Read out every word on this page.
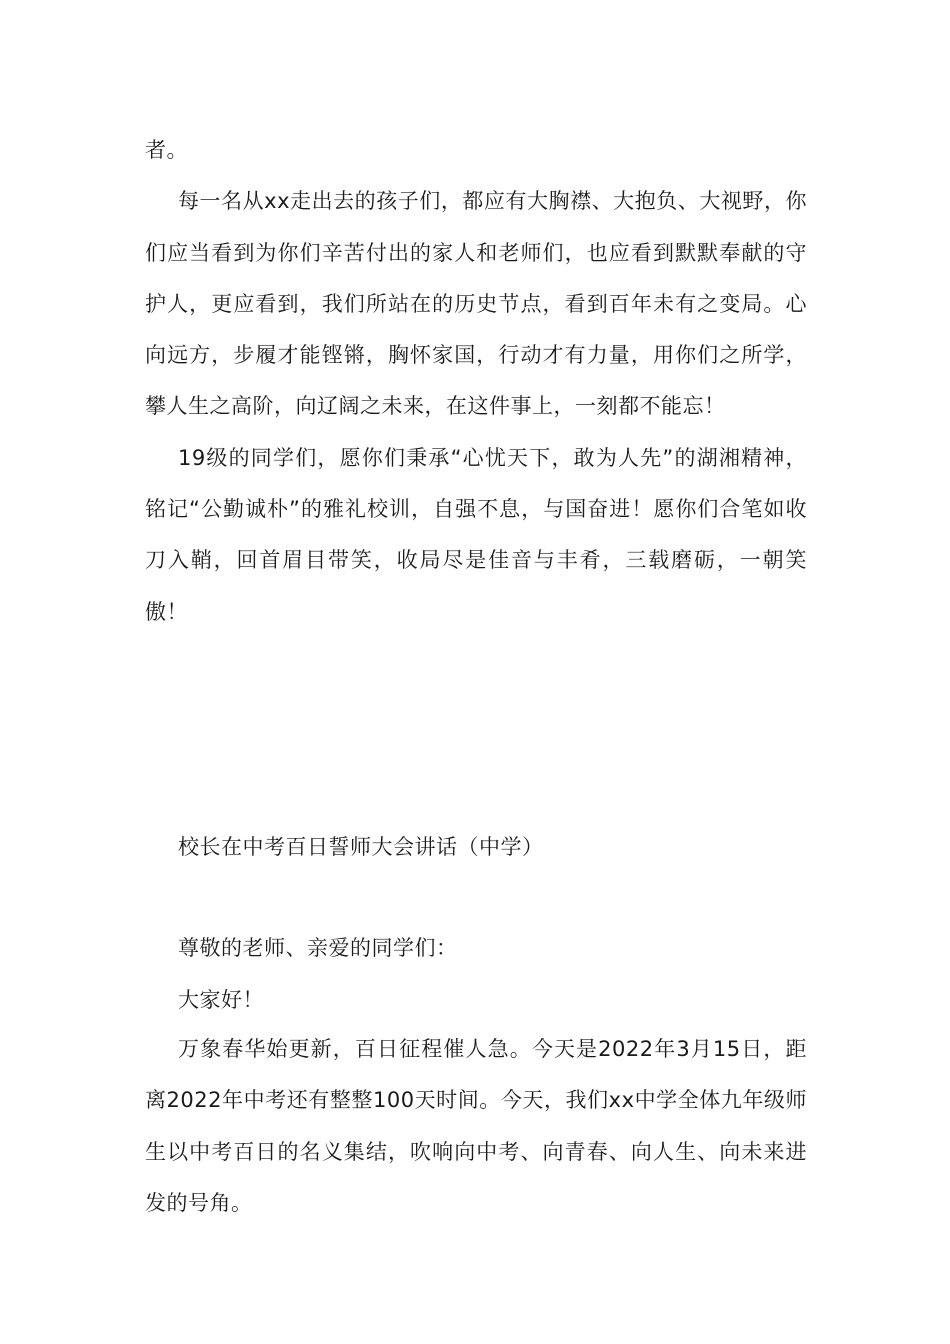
者。

每一名从xx走出去的孩子们，都应有大胸襟、大抱负、大视野，你们应当看到为你们辛苦付出的家人和老师们，也应看到默默奉献的守护人，更应看到，我们所站在的历史节点，看到百年未有之变局。心向远方，步履才能铿锵，胸怀家国，行动才有力量，用你们之所学，攀人生之高阶，向辽阔之未来，在这件事上，一刻都不能忘！

19级的同学们，愿你们秉承“心忧天下，敢为人先”的湖湘精神，铭记“公勤诚朴”的雅礼校训，自强不息，与国奋进！愿你们合笔如收刀入鞘，回首眉目带笑，收局尽是佳音与丰肴，三载磨砺，一朝笑傲！

校长在中考百日誓师大会讲话（中学）

尊敬的老师、亲爱的同学们：

大家好！

万象春华始更新，百日征程催人急。今天是2022年3月15日，距离2022年中考还有整整100天时间。今天，我们xx中学全体九年级师生以中考百日的名义集结，吹响向中考、向青春、向人生、向未来进发的号角。
